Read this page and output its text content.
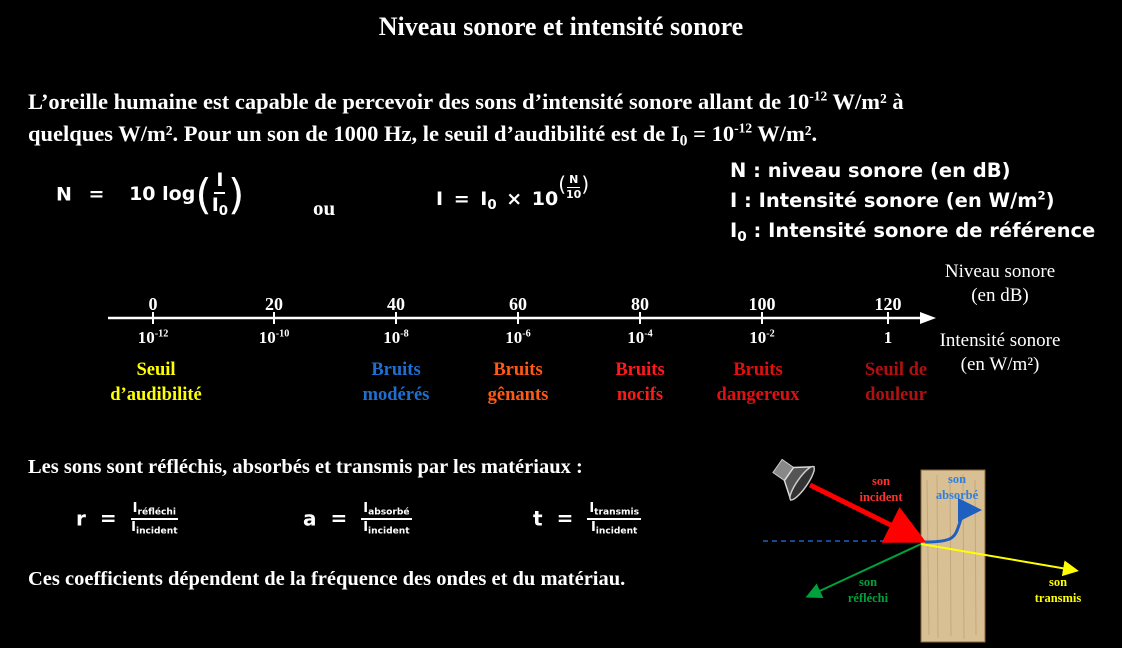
Niveau sonore et intensité sonore
L’oreille humaine est capable de percevoir des sons d’intensité sonore allant de $10^{-12}$ W/m² à
quelques W/m². Pour un son de 1000 Hz, le seuil d’audibilité est de $I_0 = 10^{-12}$ W/m².
N = 10 $\log( \frac{I}{I_0}$ )	ou	$I = I_0 \times 10^{( \frac{N}{10} )}$
N : niveau sonore (en dB)
I : Intensité sonore (en $W/m^2$)
$I_0$ : Intensité sonore de référence
Niveau sonore
(en dB)
Intensité sonore
(en W/m²)
0	20	40	60	80	100	120
$10^{-12}$	$10^{-10}$	$10^{-8}$	$10^{-6}$	$10^{-4}$	$10^{-2}$	1
Seuil
d’audibilité
Bruits
modérés
Bruits
gênants
Bruits
nocifs
Bruits
dangereux
Seuil de
douleur
Les sons sont réfléchis, absorbés et transmis par les matériaux :
$r = \frac{I_{réfléchi}}{I_{incident}}$	$a = \frac{I_{absorbé}}{I_{incident}}$	$t = \frac{I_{transmis}}{I_{incident}}$
Ces coefficients dépendent de la fréquence des ondes et du matériau.
son
incident
son
absorbé
son
réfléchi
son
transmis
